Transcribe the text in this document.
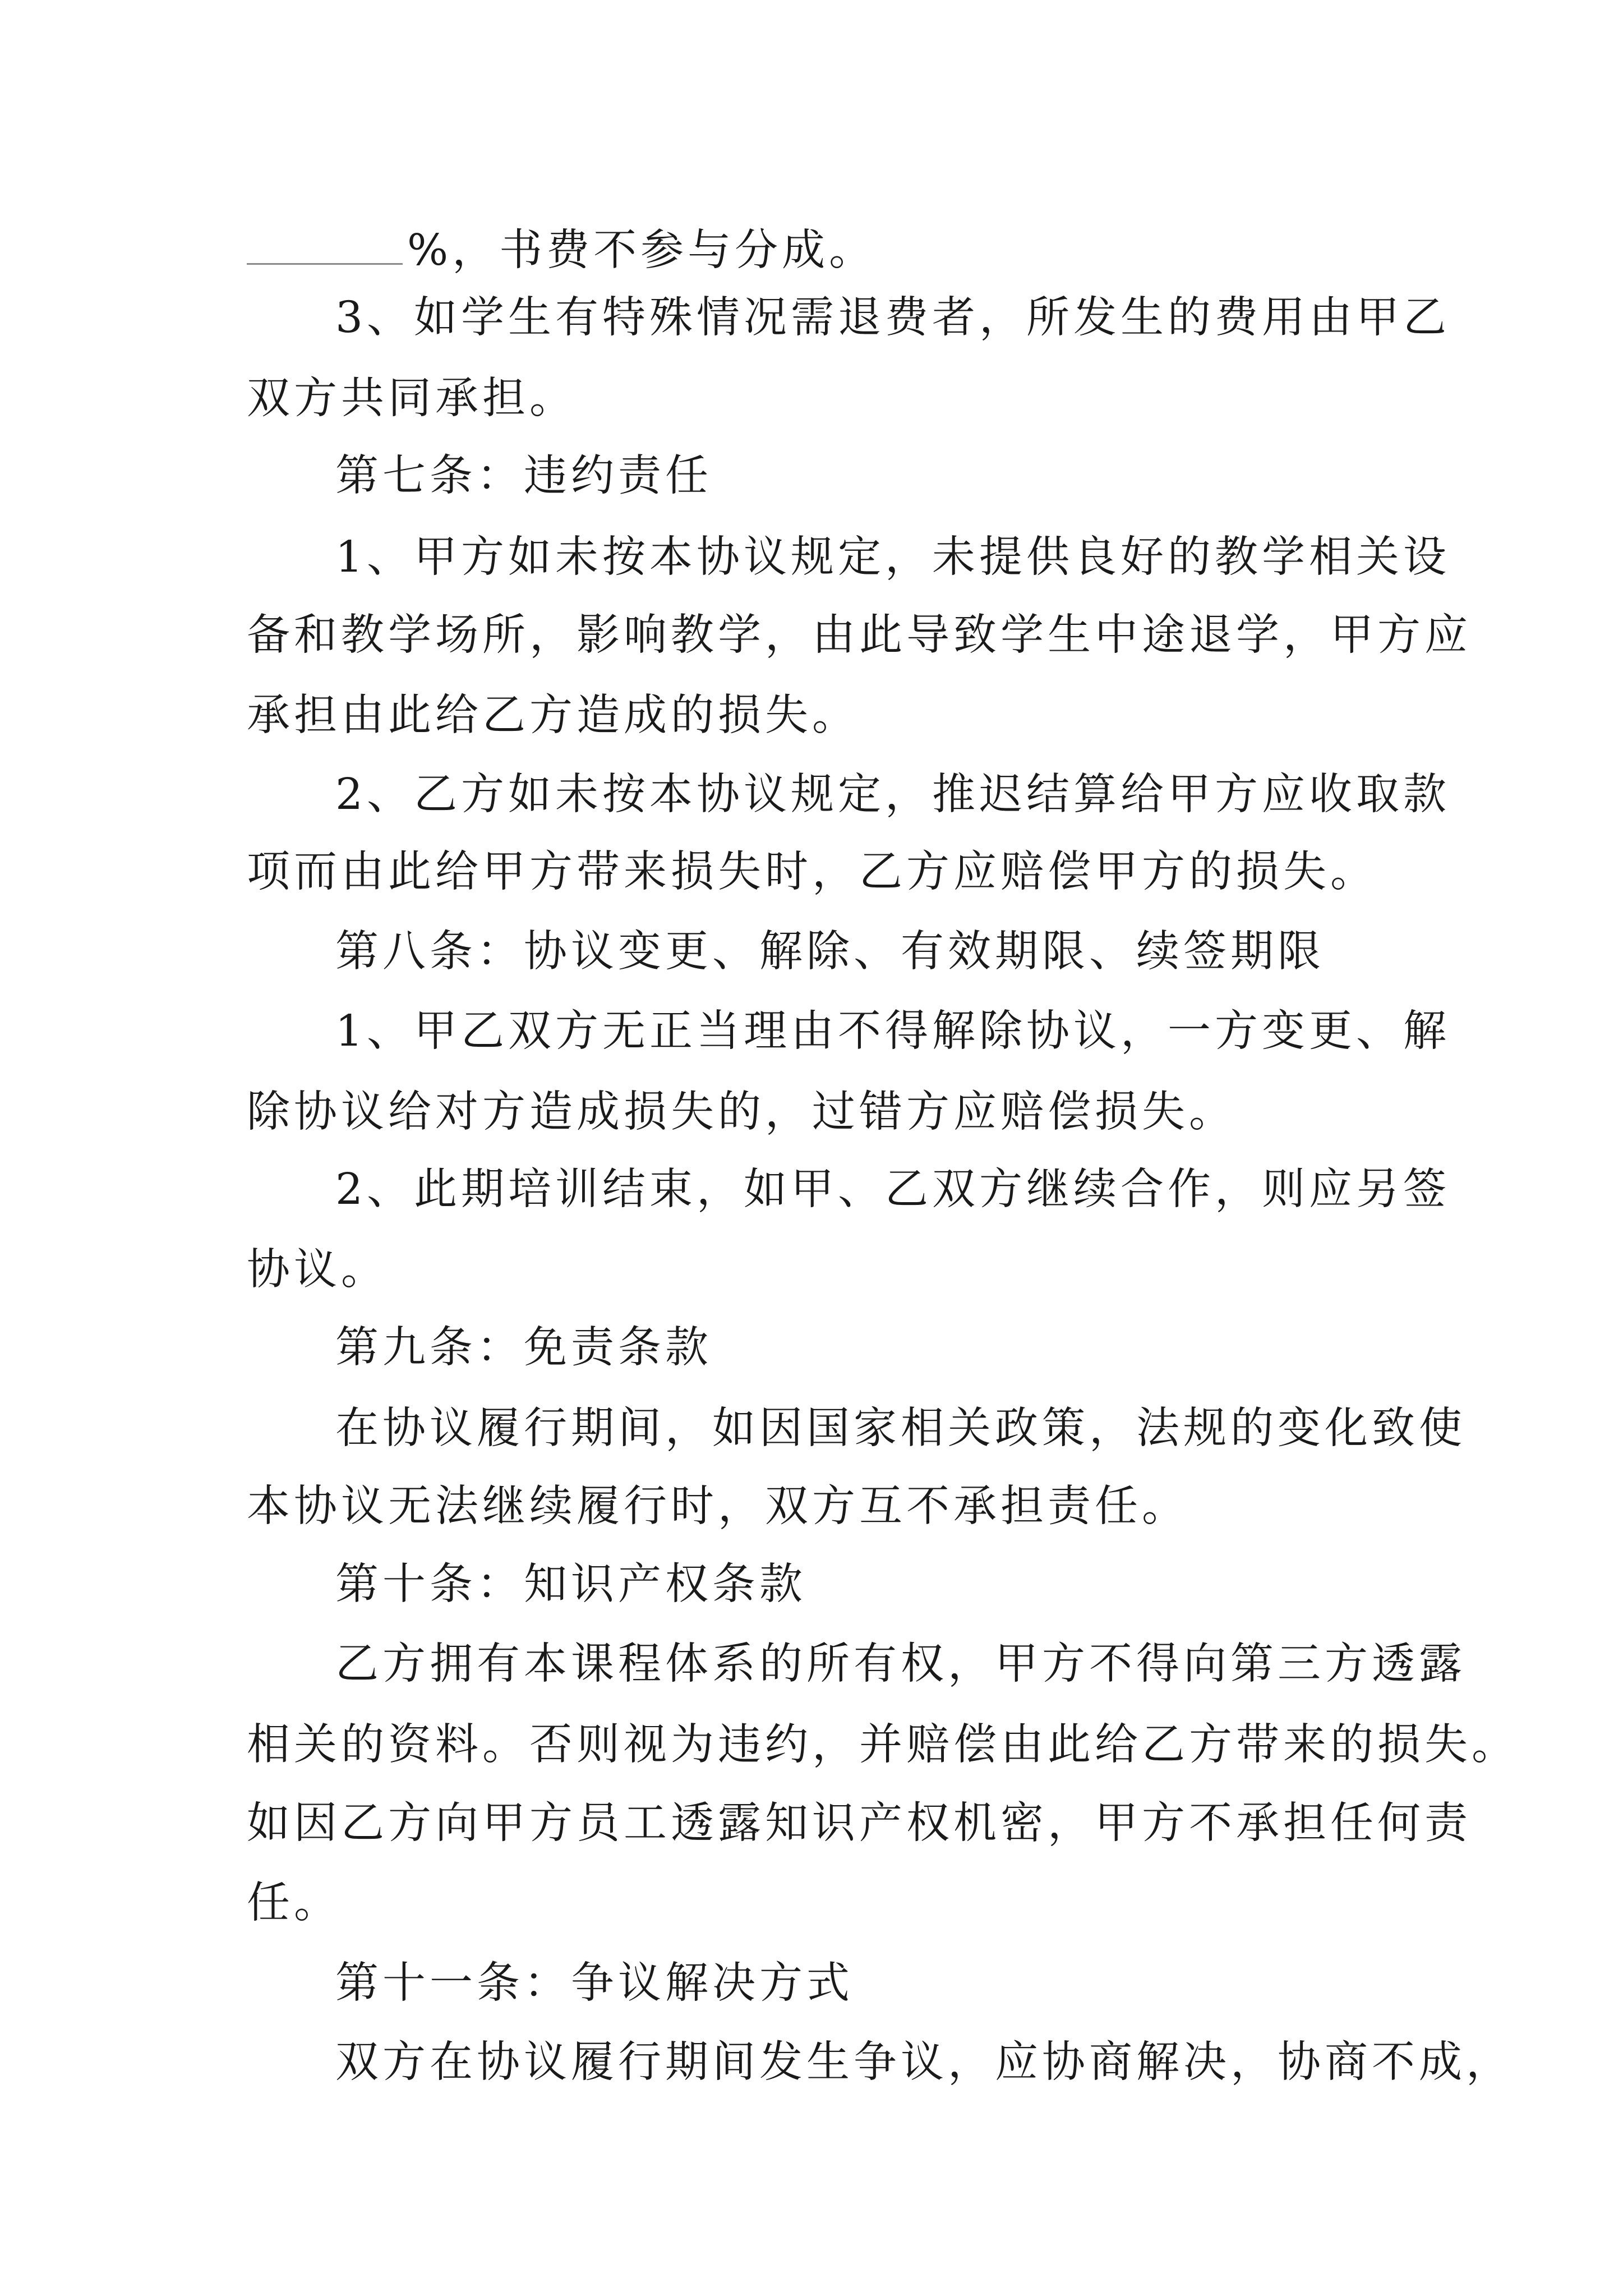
%，书费不参与分成。
3、如学生有特殊情况需退费者，所发生的费用由甲乙
双方共同承担。
第七条：违约责任
1、甲方如未按本协议规定，未提供良好的教学相关设
备和教学场所，影响教学，由此导致学生中途退学，甲方应
承担由此给乙方造成的损失。
2、乙方如未按本协议规定，推迟结算给甲方应收取款
项而由此给甲方带来损失时，乙方应赔偿甲方的损失。
第八条：协议变更、解除、有效期限、续签期限
1、甲乙双方无正当理由不得解除协议，一方变更、解
除协议给对方造成损失的，过错方应赔偿损失。
2、此期培训结束，如甲、乙双方继续合作，则应另签
协议。
第九条：免责条款
在协议履行期间，如因国家相关政策，法规的变化致使
本协议无法继续履行时，双方互不承担责任。
第十条：知识产权条款
乙方拥有本课程体系的所有权，甲方不得向第三方透露
相关的资料。否则视为违约，并赔偿由此给乙方带来的损失。
如因乙方向甲方员工透露知识产权机密，甲方不承担任何责
任。
第十一条：争议解决方式
双方在协议履行期间发生争议，应协商解决，协商不成，
